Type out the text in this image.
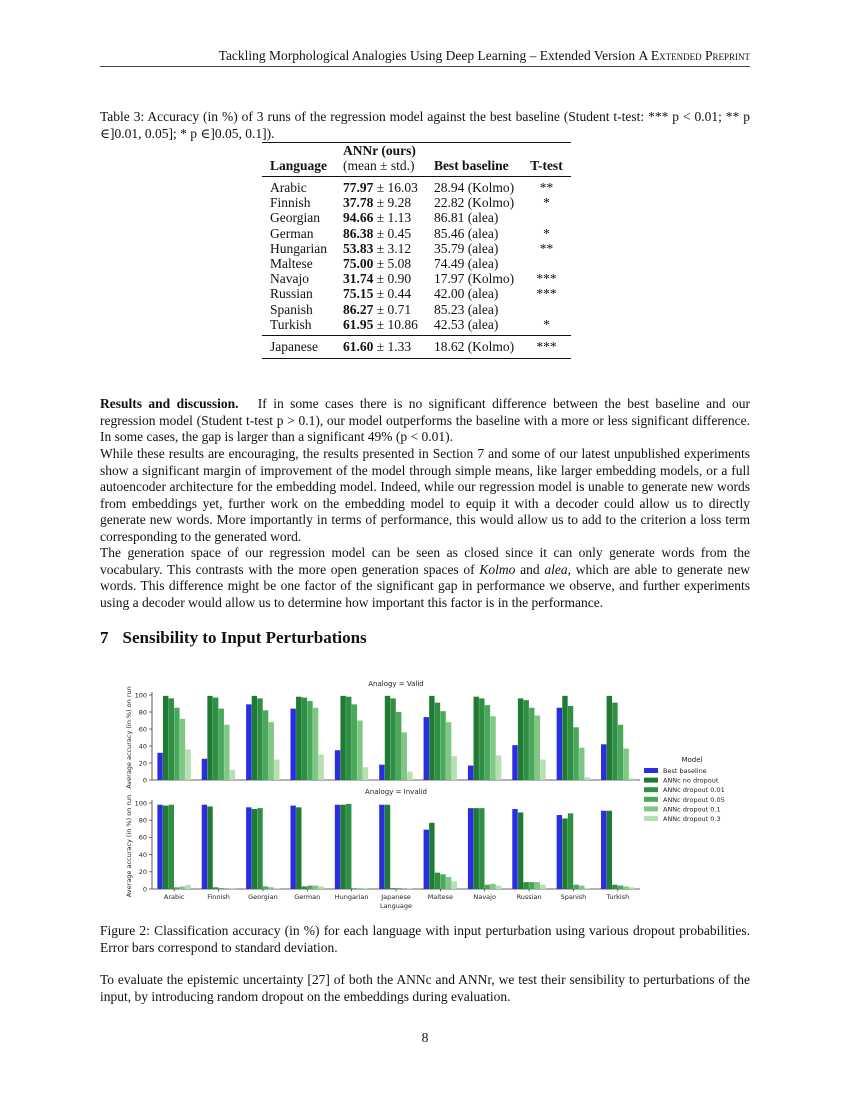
Tackling Morphological Analogies Using Deep Learning – Extended Version A Extended Preprint
Table 3: Accuracy (in %) of 3 runs of the regression model against the best baseline (Student t-test: *** p < 0.01; ** p ∈]0.01, 0.05]; * p ∈]0.05, 0.1]).
Language	ANNr (ours)
(mean ± std.)	Best baseline	T-test
Arabic	77.97 ± 16.03	28.94 (Kolmo)	**
Finnish	37.78 ± 9.28	22.82 (Kolmo)	*
Georgian	94.66 ± 1.13	86.81 (alea)	
German	86.38 ± 0.45	85.46 (alea)	*
Hungarian	53.83 ± 3.12	35.79 (alea)	**
Maltese	75.00 ± 5.08	74.49 (alea)	
Navajo	31.74 ± 0.90	17.97 (Kolmo)	***
Russian	75.15 ± 0.44	42.00 (alea)	***
Spanish	86.27 ± 0.71	85.23 (alea)	
Turkish	61.95 ± 10.86	42.53 (alea)	*
Japanese	61.60 ± 1.33	18.62 (Kolmo)	***
Results and discussion. If in some cases there is no significant difference between the best baseline and our regression model (Student t-test p > 0.1), our model outperforms the baseline with a more or less significant difference. In some cases, the gap is larger than a significant 49% (p < 0.01).
While these results are encouraging, the results presented in Section 7 and some of our latest unpublished experiments show a significant margin of improvement of the model through simple means, like larger embedding models, or a full autoencoder architecture for the embedding model. Indeed, while our regression model is unable to generate new words from embeddings yet, further work on the embedding model to equip it with a decoder could allow us to directly generate new words. More importantly in terms of performance, this would allow us to add to the criterion a loss term corresponding to the generated word.
The generation space of our regression model can be seen as closed since it can only generate words from the vocabulary. This contrasts with the more open generation spaces of Kolmo and alea, which are able to generate new words. This difference might be one factor of the significant gap in performance we observe, and further experiments using a decoder would allow us to determine how important this factor is in the performance.
7 Sensibility to Input Perturbations
Analogy = Valid
0
20
40
60
80
100
Average accuracy (in %) on run
Analogy = Invalid
0
20
40
60
80
100
Average accuracy (in %) on run	Arabic	Finnish	Georgian	German Hungarian Japanese	Maltese	Navajo	Russian	Spanish	Turkish
Language
Model
Best baseline
ANNc no dropout
ANNc dropout 0.01
ANNc dropout 0.05
ANNc dropout 0.1
ANNc dropout 0.3
Figure 2: Classification accuracy (in %) for each language with input perturbation using various dropout probabilities. Error bars correspond to standard deviation.
To evaluate the epistemic uncertainty [27] of both the ANNc and ANNr, we test their sensibility to perturbations of the input, by introducing random dropout on the embeddings during evaluation.
8
